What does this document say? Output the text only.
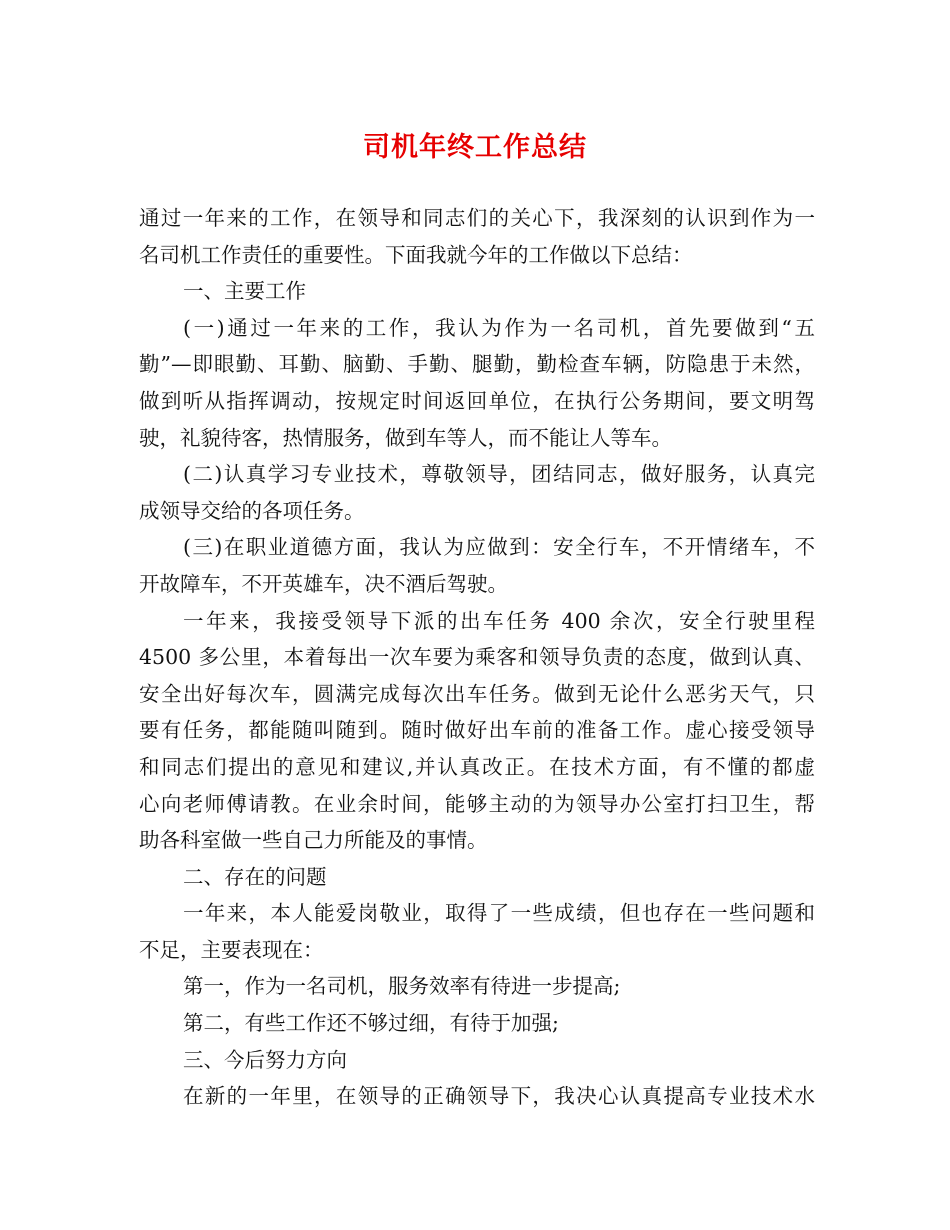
司机年终工作总结
通过一年来的工作，在领导和同志们的关心下，我深刻的认识到作为一
名司机工作责任的重要性。下面我就今年的工作做以下总结：
一、主要工作
(一)通过一年来的工作，我认为作为一名司机，首先要做到“五
勤”—即眼勤、耳勤、脑勤、手勤、腿勤，勤检查车辆，防隐患于未然，
做到听从指挥调动，按规定时间返回单位，在执行公务期间，要文明驾
驶，礼貌待客，热情服务，做到车等人，而不能让人等车。
(二)认真学习专业技术，尊敬领导，团结同志，做好服务，认真完
成领导交给的各项任务。
(三)在职业道德方面，我认为应做到：安全行车，不开情绪车，不
开故障车，不开英雄车，决不酒后驾驶。
一年来，我接受领导下派的出车任务 400 余次，安全行驶里程
4500 多公里，本着每出一次车要为乘客和领导负责的态度，做到认真、
安全出好每次车，圆满完成每次出车任务。做到无论什么恶劣天气，只
要有任务，都能随叫随到。随时做好出车前的准备工作。虚心接受领导
和同志们提出的意见和建议,并认真改正。在技术方面，有不懂的都虚
心向老师傅请教。在业余时间，能够主动的为领导办公室打扫卫生，帮
助各科室做一些自己力所能及的事情。
二、存在的问题
一年来，本人能爱岗敬业，取得了一些成绩，但也存在一些问题和
不足，主要表现在：
第一，作为一名司机，服务效率有待进一步提高;
第二，有些工作还不够过细，有待于加强;
三、今后努力方向
在新的一年里，在领导的正确领导下，我决心认真提高专业技术水
